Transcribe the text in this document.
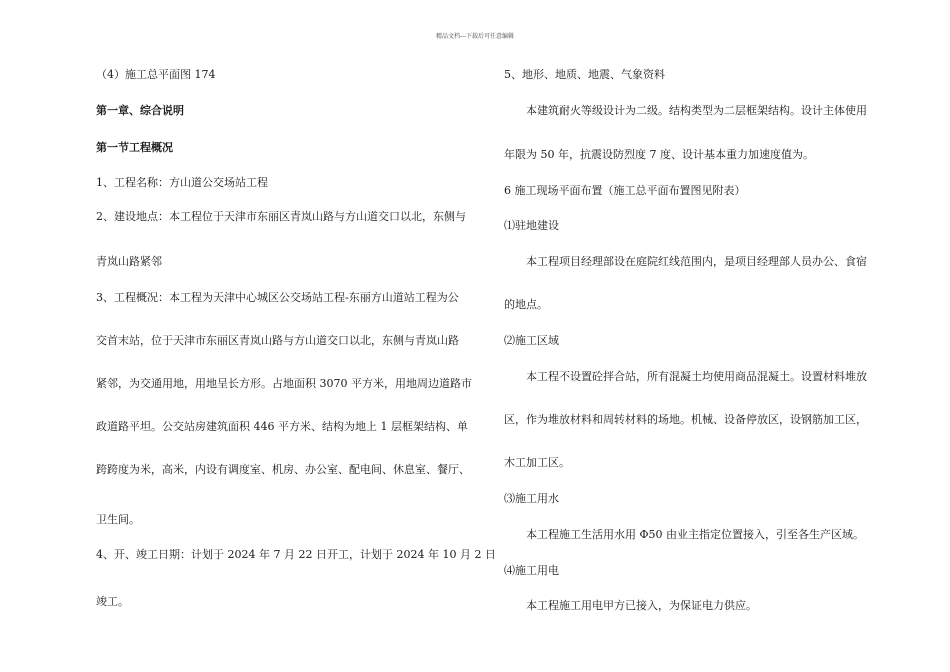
精品文档---下载后可任意编辑
（4）施工总平面图 174
第一章、综合说明
第一节工程概况
1、工程名称：方山道公交场站工程
2、建设地点：本工程位于天津市东丽区青岚山路与方山道交口以北，东侧与
青岚山路紧邻
3、工程概况：本工程为天津中心城区公交场站工程-东丽方山道站工程为公
交首末站，位于天津市东丽区青岚山路与方山道交口以北，东侧与青岚山路
紧邻，为交通用地，用地呈长方形。占地面积 3070 平方米，用地周边道路市
政道路平坦。公交站房建筑面积 446 平方米、结构为地上 1 层框架结构、单
跨跨度为米，高米，内设有调度室、机房、办公室、配电间、休息室、餐厅、
卫生间。
4、开、竣工日期：计划于 2024 年 7 月 22 日开工，计划于 2024 年 10 月 2 日
竣工。
5、地形、地质、地震、气象资料
本建筑耐火等级设计为二级。结构类型为二层框架结构。设计主体使用
年限为 50 年，抗震设防烈度 7 度、设计基本重力加速度值为。
6 施工现场平面布置（施工总平面布置图见附表）
⑴驻地建设
本工程项目经理部设在庭院红线范围内，是项目经理部人员办公、食宿
的地点。
⑵施工区域
本工程不设置砼拌合站，所有混凝土均使用商品混凝土。设置材料堆放
区，作为堆放材料和周转材料的场地。机械、设备停放区，设钢筋加工区，
木工加工区。
⑶施工用水
本工程施工生活用水用 Φ50 由业主指定位置接入，引至各生产区域。
⑷施工用电
本工程施工用电甲方已接入，为保证电力供应。
